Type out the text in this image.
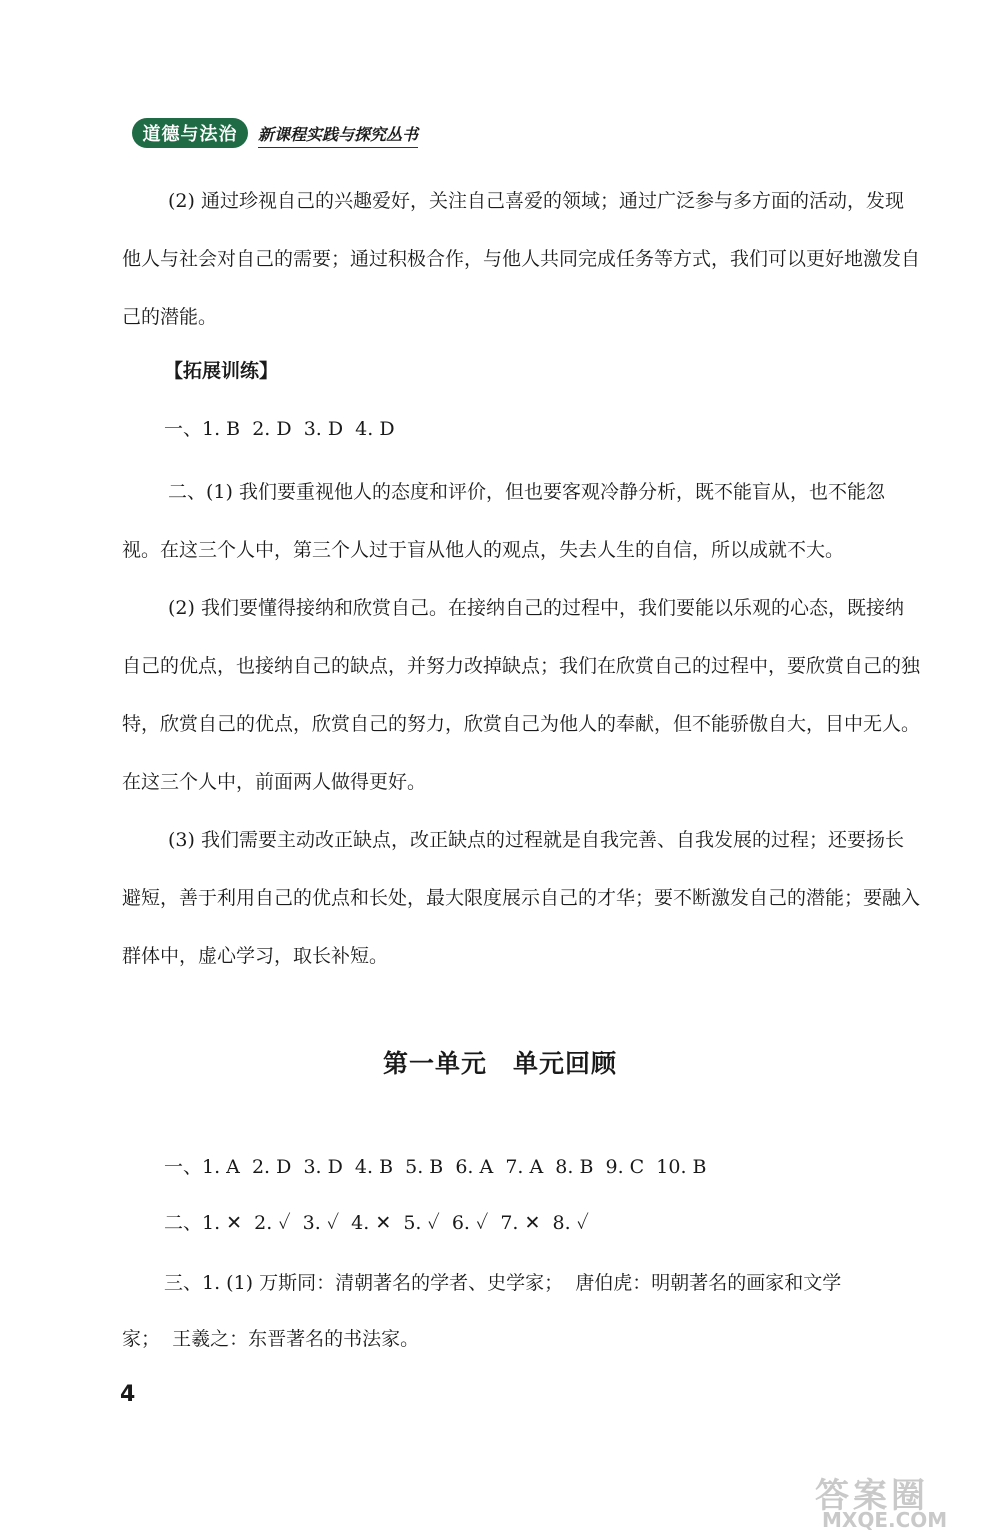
道德与法治	新课程实践与探究丛书

(2) 通过珍视自己的兴趣爱好，关注自己喜爱的领域；通过广泛参与多方面的活动，发现他人与社会对自己的需要；通过积极合作，与他人共同完成任务等方式，我们可以更好地激发自己的潜能。

【拓展训练】

一、1. B  2. D  3. D  4. D

二、(1) 我们要重视他人的态度和评价，但也要客观冷静分析，既不能盲从，也不能忽视。在这三个人中，第三个人过于盲从他人的观点，失去人生的自信，所以成就不大。

(2) 我们要懂得接纳和欣赏自己。在接纳自己的过程中，我们要能以乐观的心态，既接纳自己的优点，也接纳自己的缺点，并努力改掉缺点；我们在欣赏自己的过程中，要欣赏自己的独特，欣赏自己的优点，欣赏自己的努力，欣赏自己为他人的奉献，但不能骄傲自大，目中无人。在这三个人中，前面两人做得更好。

(3) 我们需要主动改正缺点，改正缺点的过程就是自我完善、自我发展的过程；还要扬长避短，善于利用自己的优点和长处，最大限度展示自己的才华；要不断激发自己的潜能；要融入群体中，虚心学习，取长补短。

第一单元　单元回顾

一、1. A  2. D  3. D  4. B  5. B  6. A  7. A  8. B  9. C  10. B

二、1. ✕  2. ✓  3. ✓  4. ✕  5. ✓  6. ✓  7. ✕  8. ✓

三、1. (1) 万斯同：清朝著名的学者、史学家；  唐伯虎：明朝著名的画家和文学

家；  王羲之：东晋著名的书法家。

4
答案圈
MXQE.COM
